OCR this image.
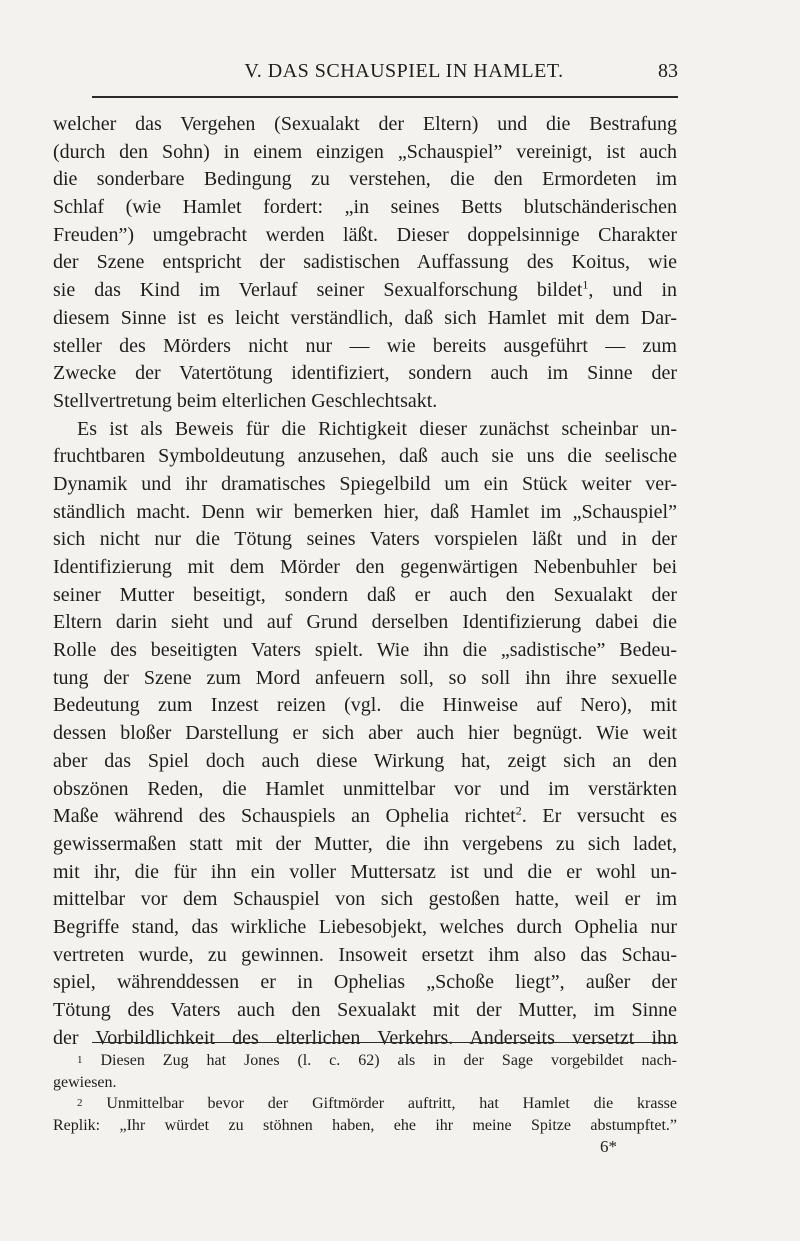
V. DAS SCHAUSPIEL IN HAMLET.	83
welcher das Vergehen (Sexualakt der Eltern) und die Bestrafung
(durch den Sohn) in einem einzigen „Schauspiel” vereinigt, ist auch
die sonderbare Bedingung zu verstehen, die den Ermordeten im
Schlaf (wie Hamlet fordert: „in seines Betts blutschänderischen
Freuden”) umgebracht werden läßt. Dieser doppelsinnige Charakter
der Szene entspricht der sadistischen Auffassung des Koitus, wie
sie das Kind im Verlauf seiner Sexualforschung bildet$^1$, und in
diesem Sinne ist es leicht verständlich, daß sich Hamlet mit dem Dar-
steller des Mörders nicht nur — wie bereits ausgeführt — zum
Zwecke der Vatertötung identifiziert, sondern auch im Sinne der
Stellvertretung beim elterlichen Geschlechtsakt.
Es ist als Beweis für die Richtigkeit dieser zunächst scheinbar un-
fruchtbaren Symboldeutung anzusehen, daß auch sie uns die seelische
Dynamik und ihr dramatisches Spiegelbild um ein Stück weiter ver-
ständlich macht. Denn wir bemerken hier, daß Hamlet im „Schauspiel”
sich nicht nur die Tötung seines Vaters vorspielen läßt und in der
Identifizierung mit dem Mörder den gegenwärtigen Nebenbuhler bei
seiner Mutter beseitigt, sondern daß er auch den Sexualakt der
Eltern darin sieht und auf Grund derselben Identifizierung dabei die
Rolle des beseitigten Vaters spielt. Wie ihn die „sadistische” Bedeu-
tung der Szene zum Mord anfeuern soll, so soll ihn ihre sexuelle
Bedeutung zum Inzest reizen (vgl. die Hinweise auf Nero), mit
dessen bloßer Darstellung er sich aber auch hier begnügt. Wie weit
aber das Spiel doch auch diese Wirkung hat, zeigt sich an den
obszönen Reden, die Hamlet unmittelbar vor und im verstärkten
Maße während des Schauspiels an Ophelia richtet$^2$. Er versucht es
gewissermaßen statt mit der Mutter, die ihn vergebens zu sich ladet,
mit ihr, die für ihn ein voller Muttersatz ist und die er wohl un-
mittelbar vor dem Schauspiel von sich gestoßen hatte, weil er im
Begriffe stand, das wirkliche Liebesobjekt, welches durch Ophelia nur
vertreten wurde, zu gewinnen. Insoweit ersetzt ihm also das Schau-
spiel, währenddessen er in Ophelias „Schoße liegt”, außer der
Tötung des Vaters auch den Sexualakt mit der Mutter, im Sinne
der Vorbildlichkeit des elterlichen Verkehrs. Anderseits versetzt ihn
1 Diesen Zug hat Jones (l. c. 62) als in der Sage vorgebildet nach-
gewiesen.
2 Unmittelbar bevor der Giftmörder auftritt, hat Hamlet die krasse
Replik: „Ihr würdet zu stöhnen haben, ehe ihr meine Spitze abstumpftet.”
6*
